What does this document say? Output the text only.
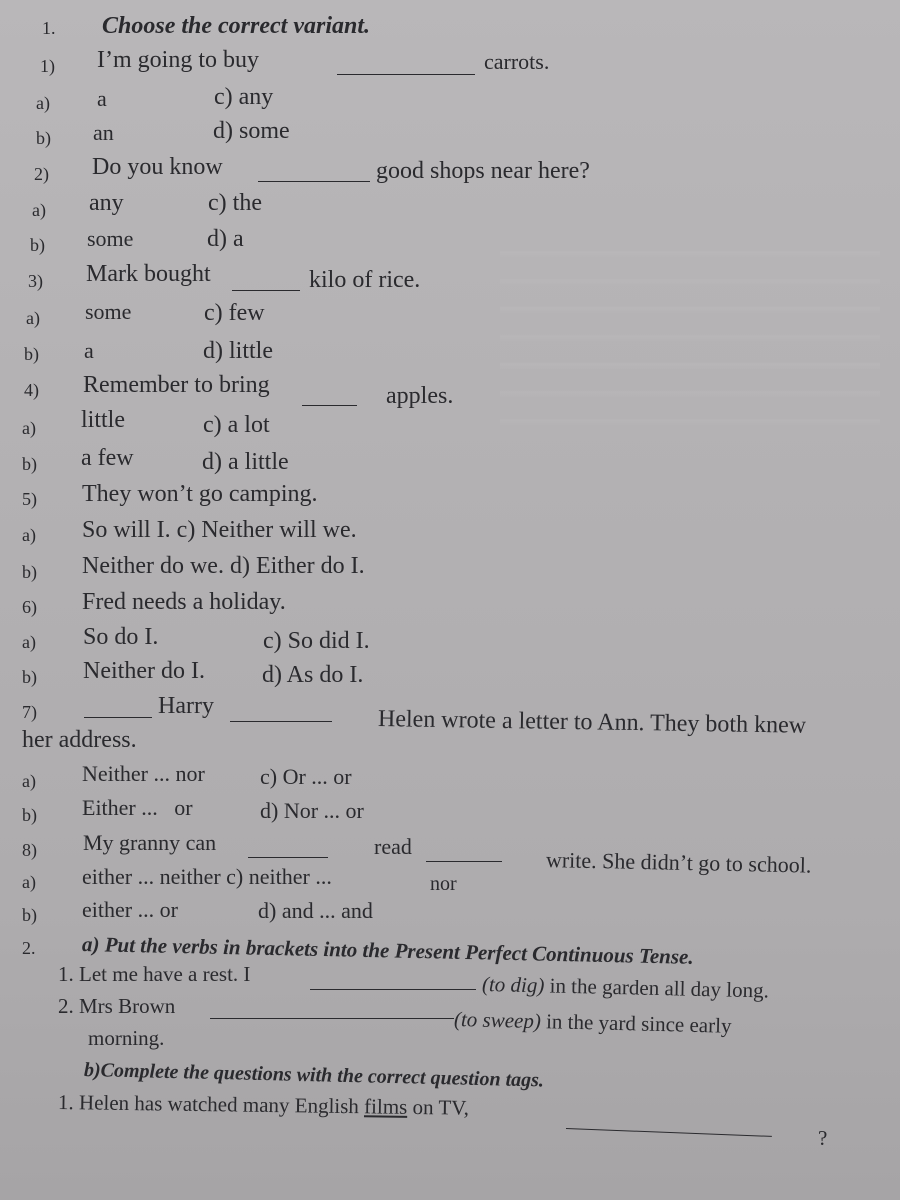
1. Choose the correct variant.
1) I’m going to buy	carrots.
a) a	c) any
b) an	d) some
2) Do you know	good shops near here?
a) any	c) the
b) some	d) a
3) Mark bought	kilo of rice.
a) some	c) few
b) a	d) little
4) Remember to bring	apples.
a) little	c) a lot
b) a few	d) a little
5) They won’t go camping.
a) So will I. c) Neither will we.
b) Neither do we. d) Either do I.
6) Fred needs a holiday.
a) So do I.	c) So did I.
b) Neither do I. d) As do I.
7)	Harry
Helen wrote a letter to Ann. They both knew
her address.
a) Neither ... nor	c) Or ... or
b) Either ...   or	d) Nor ... or
8) My granny can	read
write. She didn’t go to school.
a) either ... neither c) neither ...	nor
b) either ... or	d) and ... and
2. a) Put the verbs in brackets into the Present Perfect Continuous Tense.
1. Let me have a rest. I	(to dig) in the garden all day long.
2. Mrs Brown
(to sweep) in the yard since early
morning.
b)Complete the questions with the correct question tags.
1. Helen has watched many English films on TV,
?
